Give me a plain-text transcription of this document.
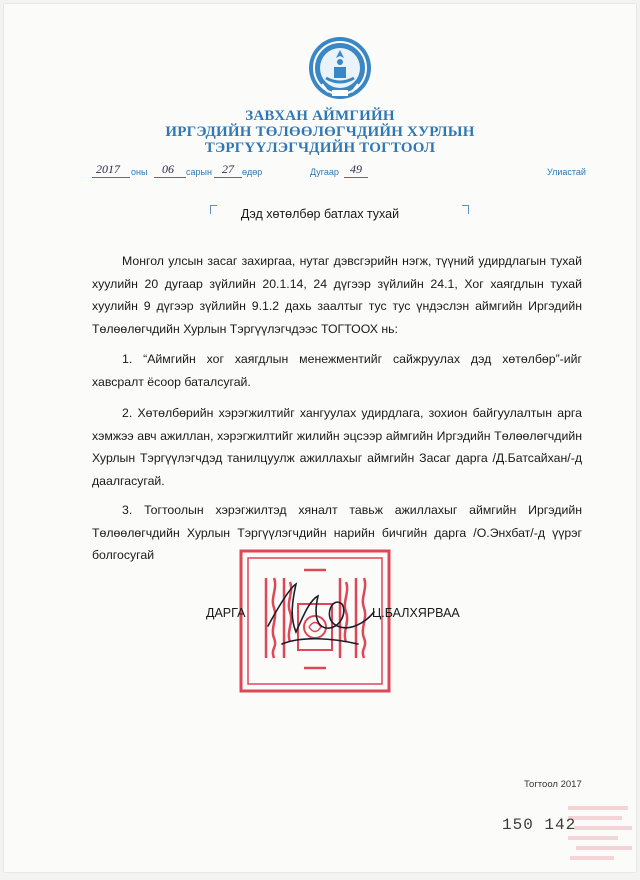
ЗАВХАН АЙМГИЙН
ИРГЭДИЙН ТӨЛӨӨЛӨГЧДИЙН ХУРЛЫН
ТЭРГҮҮЛЭГЧДИЙН ТОГТООЛ
2017 оны 06 сарын 27 өдөр	Дугаар 49	Улиастай
Дэд хөтөлбөр батлах тухай

Монгол улсын засаг захиргаа, нутаг дэвсгэрийн нэгж, түүний удирдлагын тухай хуулийн 20 дугаар зүйлийн 20.1.14, 24 дүгээр зүйлийн 24.1, Хог хаягдлын тухай хуулийн 9 дүгээр зүйлийн 9.1.2 дахь заалтыг тус тус үндэслэн аймгийн Иргэдийн Төлөөлөгчдийн Хурлын Тэргүүлэгчдээс ТОГТООХ нь:

1. “Аймгийн хог хаягдлын менежментийг сайжруулах дэд хөтөлбөр”-ийг хавсралт ёсоор баталсугай.

2. Хөтөлбөрийн хэрэгжилтийг хангуулах удирдлага, зохион байгуулалтын арга хэмжээ авч ажиллан, хэрэгжилтийг жилийн эцсээр аймгийн Иргэдийн Төлөөлөгчдийн Хурлын Тэргүүлэгчдэд танилцуулж ажиллахыг аймгийн Засаг дарга /Д.Батсайхан/-д даалгасугай.

3. Тогтоолын хэрэгжилтэд хяналт тавьж ажиллахыг аймгийн Иргэдийн Төлөөлөгчдийн Хурлын Тэргүүлэгчдийн нарийн бичгийн дарга /О.Энхбат/-д үүрэг болгосугай

ДАРГА	Ц.БАЛХЯРВАА
Тогтоол 2017
150 142
